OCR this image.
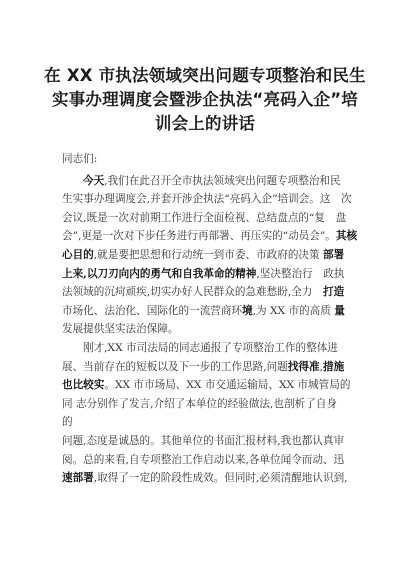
在 XX 市执法领域突出问题专项整治和民生
实事办理调度会暨涉企执法“亮码入企”培
训会上的讲话

同志们:

今天,我们在此召开全市执法领域突出问题专项整治和民
生实事办理调度会,并套开涉企执法“亮码入企”培训会。这　次
会议,既是一次对前期工作进行全面检视、总结盘点的“复　盘
会”,更是一次对下步任务进行再部署、再压实的“动员会”。其核
心目的,就是要把思想和行动统一到市委、市政府的决策 部署
上来,以刀刃向内的勇气和自我革命的精神,坚决整治行　政执
法领域的沉疴顽疾,切实办好人民群众的急难愁盼,全力　打造
市场化、法治化、国际化的一流营商环境,为 XX 市的高质 量
发展提供坚实法治保障。

刚才,XX 市司法局的同志通报了专项整治工作的整体进
展、当前存在的短板以及下一步的工作思路,问题找得准,措施
也比较实。XX 市市场局、XX 市交通运输局、XX 市城管局的
同 志分别作了发言,介绍了本单位的经验做法,也剖析了自身
的
问题,态度是诚恳的。其他单位的书面汇报材料,我也都认真审
阅。总的来看,自专项整治工作启动以来,各单位闻令而动、迅
速部署,取得了一定的阶段性成效。但同时,必须清醒地认识到,
